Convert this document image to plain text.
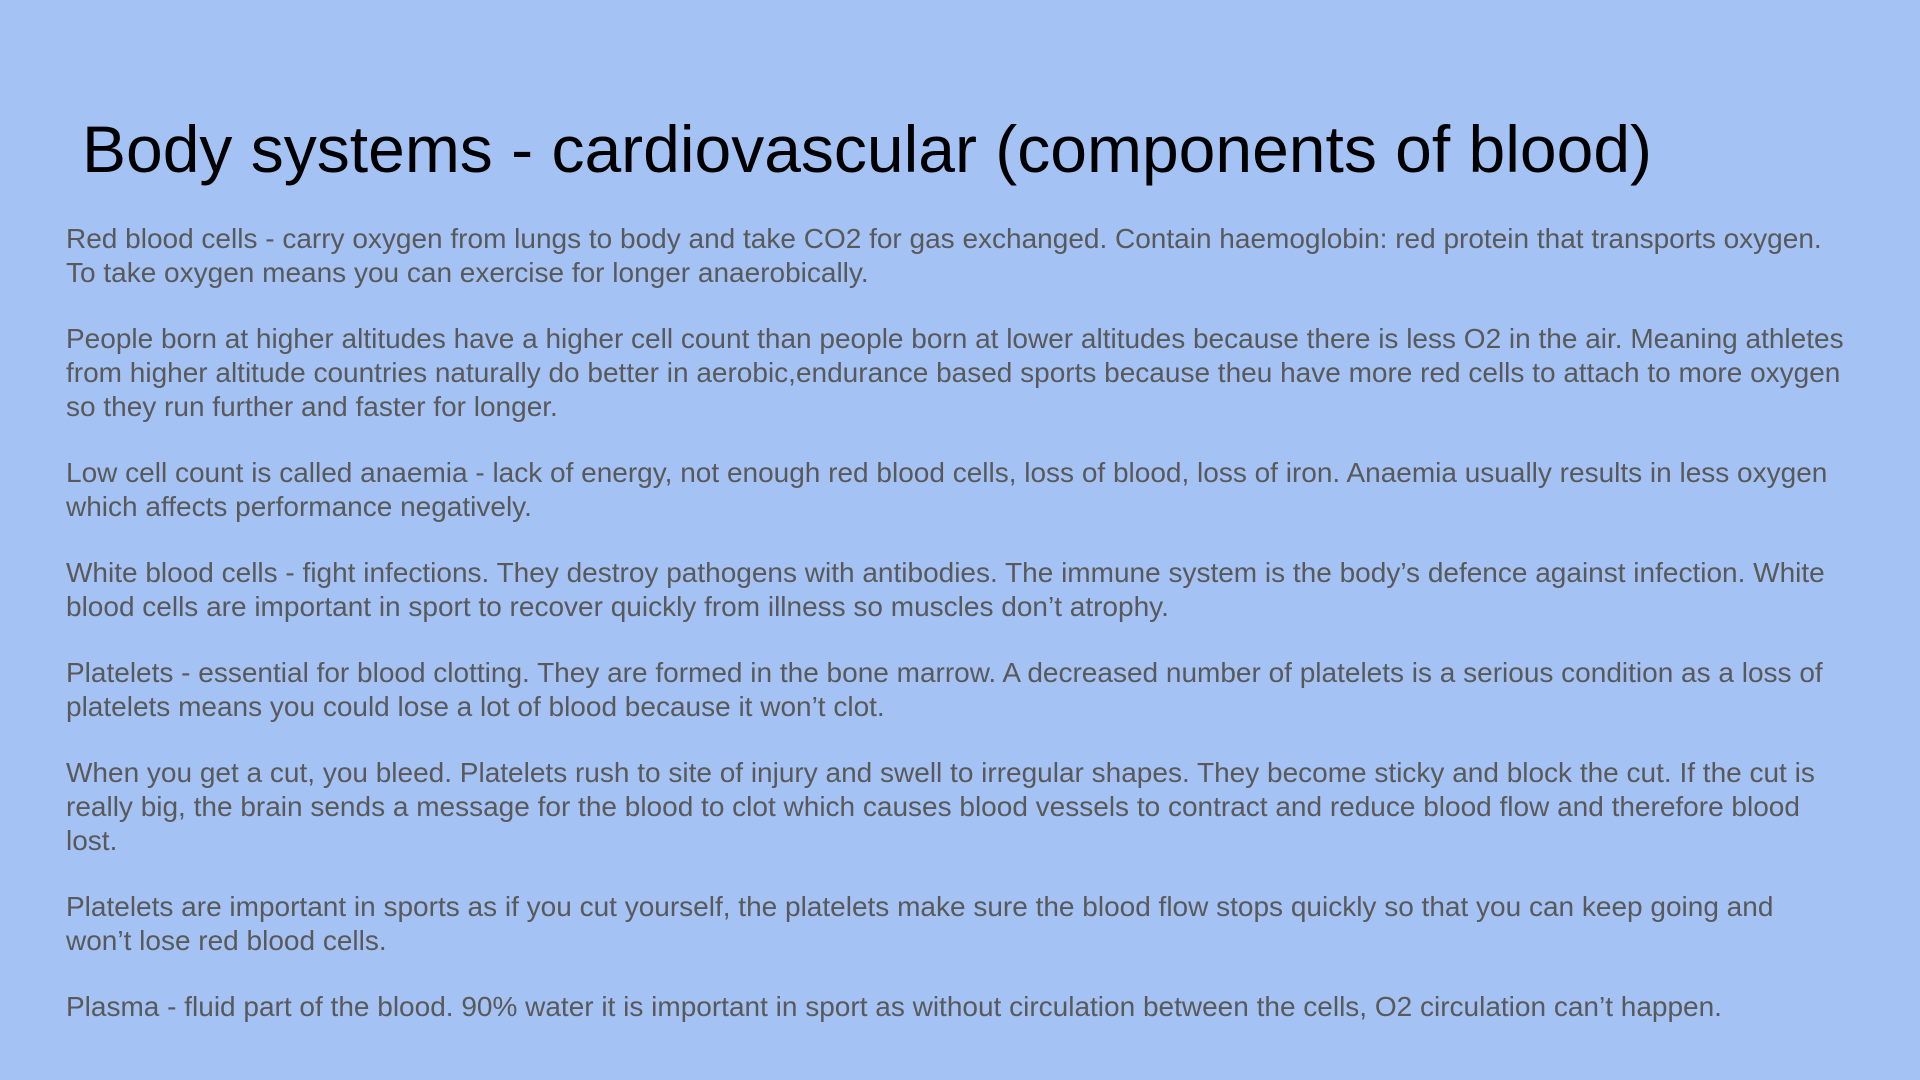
Body systems - cardiovascular (components of blood)

Red blood cells - carry oxygen from lungs to body and take CO2 for gas exchanged. Contain haemoglobin: red protein that transports oxygen. To take oxygen means you can exercise for longer anaerobically.

People born at higher altitudes have a higher cell count than people born at lower altitudes because there is less O2 in the air. Meaning athletes from higher altitude countries naturally do better in aerobic,endurance based sports because theu have more red cells to attach to more oxygen so they run further and faster for longer.

Low cell count is called anaemia - lack of energy, not enough red blood cells, loss of blood, loss of iron. Anaemia usually results in less oxygen which affects performance negatively.

White blood cells - fight infections. They destroy pathogens with antibodies. The immune system is the body’s defence against infection. White blood cells are important in sport to recover quickly from illness so muscles don’t atrophy.

Platelets - essential for blood clotting. They are formed in the bone marrow. A decreased number of platelets is a serious condition as a loss of platelets means you could lose a lot of blood because it won’t clot.

When you get a cut, you bleed. Platelets rush to site of injury and swell to irregular shapes. They become sticky and block the cut. If the cut is really big, the brain sends a message for the blood to clot which causes blood vessels to contract and reduce blood flow and therefore blood lost.

Platelets are important in sports as if you cut yourself, the platelets make sure the blood flow stops quickly so that you can keep going and won’t lose red blood cells.

Plasma - fluid part of the blood. 90% water it is important in sport as without circulation between the cells, O2 circulation can’t happen.
